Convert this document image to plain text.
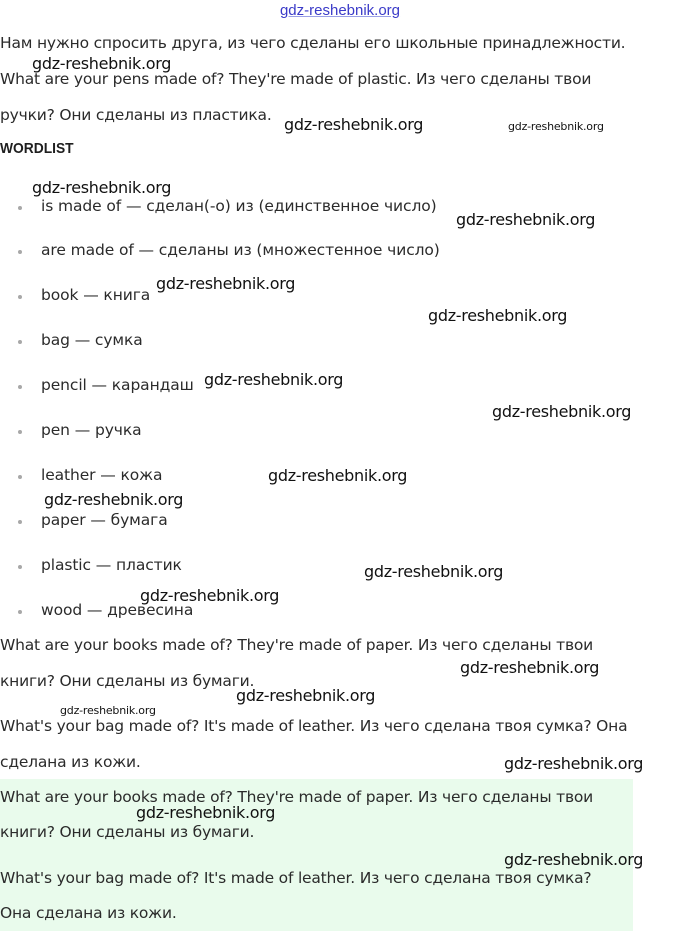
gdz-reshebnik.org

Нам нужно спросить друга, из чего сделаны его школьные принадлежности.

What are your pens made of? They're made of plastic. Из чего сделаны твои

ручки? Они сделаны из пластика.

WORDLIST
is made of — сделан(-о) из (единственное число)
are made of — сделаны из (множестенное число)
book — книга
bag — сумка
pencil — карандаш
pen — ручка
leather — кожа
paper — бумага
plastic — пластик
wood — древесина

What are your books made of? They're made of paper. Из чего сделаны твои

книги? Они сделаны из бумаги.

What's your bag made of? It's made of leather. Из чего сделана твоя сумка? Она

сделана из кожи.

What are your books made of? They're made of paper. Из чего сделаны твои

книги? Они сделаны из бумаги.

What's your bag made of? It's made of leather. Из чего сделана твоя сумка?

Она сделана из кожи.

gdz-reshebnik.org
gdz-reshebnik.org	gdz-reshebnik.org
gdz-reshebnik.org
gdz-reshebnik.org
gdz-reshebnik.org
gdz-reshebnik.org
gdz-reshebnik.org
gdz-reshebnik.org
gdz-reshebnik.org
gdz-reshebnik.org
gdz-reshebnik.org
gdz-reshebnik.org
gdz-reshebnik.org
gdz-reshebnik.org
gdz-reshebnik.org
gdz-reshebnik.org
gdz-reshebnik.org
gdz-reshebnik.org
